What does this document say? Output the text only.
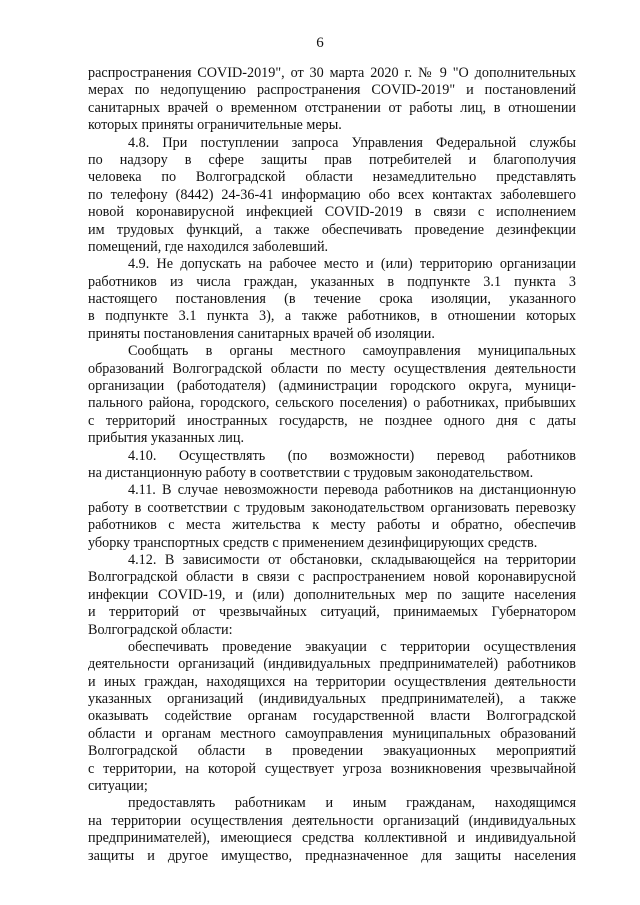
6
распространения COVID-2019", от 30 марта 2020 г. № 9 "О дополнительных
мерах по недопущению распространения COVID-2019" и постановлений
санитарных врачей о временном отстранении от работы лиц, в отношении
которых приняты ограничительные меры.
4.8. При поступлении запроса Управления Федеральной службы
по надзору в сфере защиты прав потребителей и благополучия
человека по Волгоградской области незамедлительно представлять
по телефону (8442) 24-36-41 информацию обо всех контактах заболевшего
новой коронавирусной инфекцией COVID-2019 в связи с исполнением
им трудовых функций, а также обеспечивать проведение дезинфекции
помещений, где находился заболевший.
4.9. Не допускать на рабочее место и (или) территорию организации
работников из числа граждан, указанных в подпункте 3.1 пункта 3
настоящего постановления (в течение срока изоляции, указанного
в подпункте 3.1 пункта 3), а также работников, в отношении которых
приняты постановления санитарных врачей об изоляции.
Сообщать в органы местного самоуправления муниципальных
образований Волгоградской области по месту осуществления деятельности
организации (работодателя) (администрации городского округа, муници-
пального района, городского, сельского поселения) о работниках, прибывших
с территорий иностранных государств, не позднее одного дня с даты
прибытия указанных лиц.
4.10. Осуществлять (по возможности) перевод работников
на дистанционную работу в соответствии с трудовым законодательством.
4.11. В случае невозможности перевода работников на дистанционную
работу в соответствии с трудовым законодательством организовать перевозку
работников с места жительства к месту работы и обратно, обеспечив
уборку транспортных средств с применением дезинфицирующих средств.
4.12. В зависимости от обстановки, складывающейся на территории
Волгоградской области в связи с распространением новой коронавирусной
инфекции COVID-19, и (или) дополнительных мер по защите населения
и территорий от чрезвычайных ситуаций, принимаемых Губернатором
Волгоградской области:
обеспечивать проведение эвакуации с территории осуществления
деятельности организаций (индивидуальных предпринимателей) работников
и иных граждан, находящихся на территории осуществления деятельности
указанных организаций (индивидуальных предпринимателей), а также
оказывать содействие органам государственной власти Волгоградской
области и органам местного самоуправления муниципальных образований
Волгоградской области в проведении эвакуационных мероприятий
с территории, на которой существует угроза возникновения чрезвычайной
ситуации;
предоставлять работникам и иным гражданам, находящимся
на территории осуществления деятельности организаций (индивидуальных
предпринимателей), имеющиеся средства коллективной и индивидуальной
защиты и другое имущество, предназначенное для защиты населения
